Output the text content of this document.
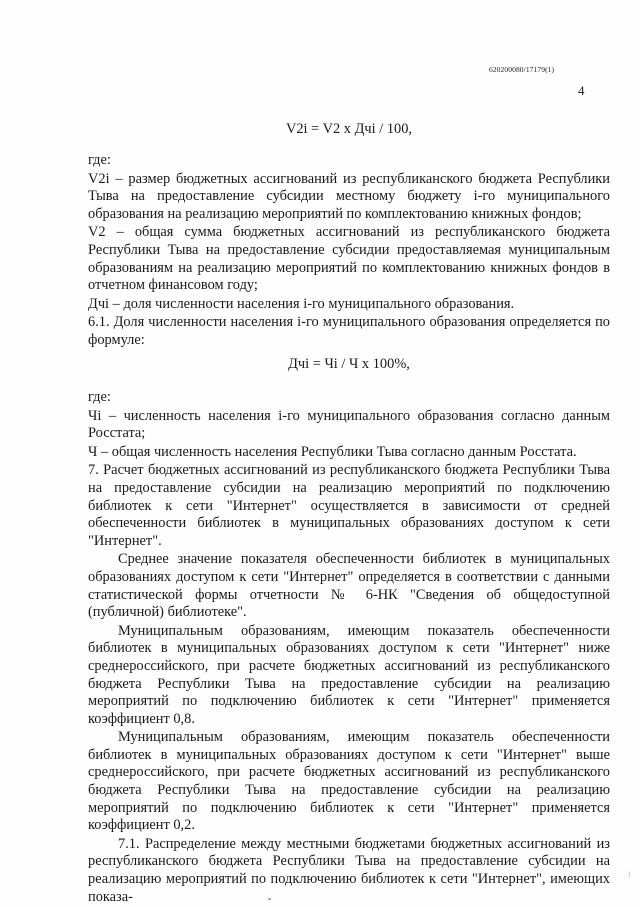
620200080/17179(1)
4
V2i = V2 x Дчi / 100,

где:

V2i – размер бюджетных ассигнований из республиканского бюджета Республики Тыва на предоставление субсидии местному бюджету i-го муниципального образования на реализацию мероприятий по комплектованию книжных фондов;

V2 – общая сумма бюджетных ассигнований из республиканского бюджета Республики Тыва на предоставление субсидии предоставляемая муниципальным образованиям на реализацию мероприятий по комплектованию книжных фондов в отчетном финансовом году;

Дчi – доля численности населения i-го муниципального образования.

6.1. Доля численности населения i-го муниципального образования определяется по формуле:

Дчi = Чi / Ч x 100%,

где:

Чi – численность населения i-го муниципального образования согласно данным Росстата;

Ч – общая численность населения Республики Тыва согласно данным Росстата.

7. Расчет бюджетных ассигнований из республиканского бюджета Республики Тыва на предоставление субсидии на реализацию мероприятий по подключению библиотек к сети "Интернет" осуществляется в зависимости от средней обеспеченности библиотек в муниципальных образованиях доступом к сети "Интернет".

Среднее значение показателя обеспеченности библиотек в муниципальных образованиях доступом к сети "Интернет" определяется в соответствии с данными статистической формы отчетности № 6-НК "Сведения об общедоступной (публичной) библиотеке".

Муниципальным образованиям, имеющим показатель обеспеченности библиотек в муниципальных образованиях доступом к сети "Интернет" ниже среднероссийского, при расчете бюджетных ассигнований из республиканского бюджета Республики Тыва на предоставление субсидии на реализацию мероприятий по подключению библиотек к сети "Интернет" применяется коэффициент 0,8.

Муниципальным образованиям, имеющим показатель обеспеченности библиотек в муниципальных образованиях доступом к сети "Интернет" выше среднероссийского, при расчете бюджетных ассигнований из республиканского бюджета Республики Тыва на предоставление субсидии на реализацию мероприятий по подключению библиотек к сети "Интернет" применяется коэффициент 0,2.

7.1. Распределение между местными бюджетами бюджетных ассигнований из республиканского бюджета Республики Тыва на предоставление субсидии на реализацию мероприятий по подключению библиотек к сети "Интернет", имеющих показа-

⁝
